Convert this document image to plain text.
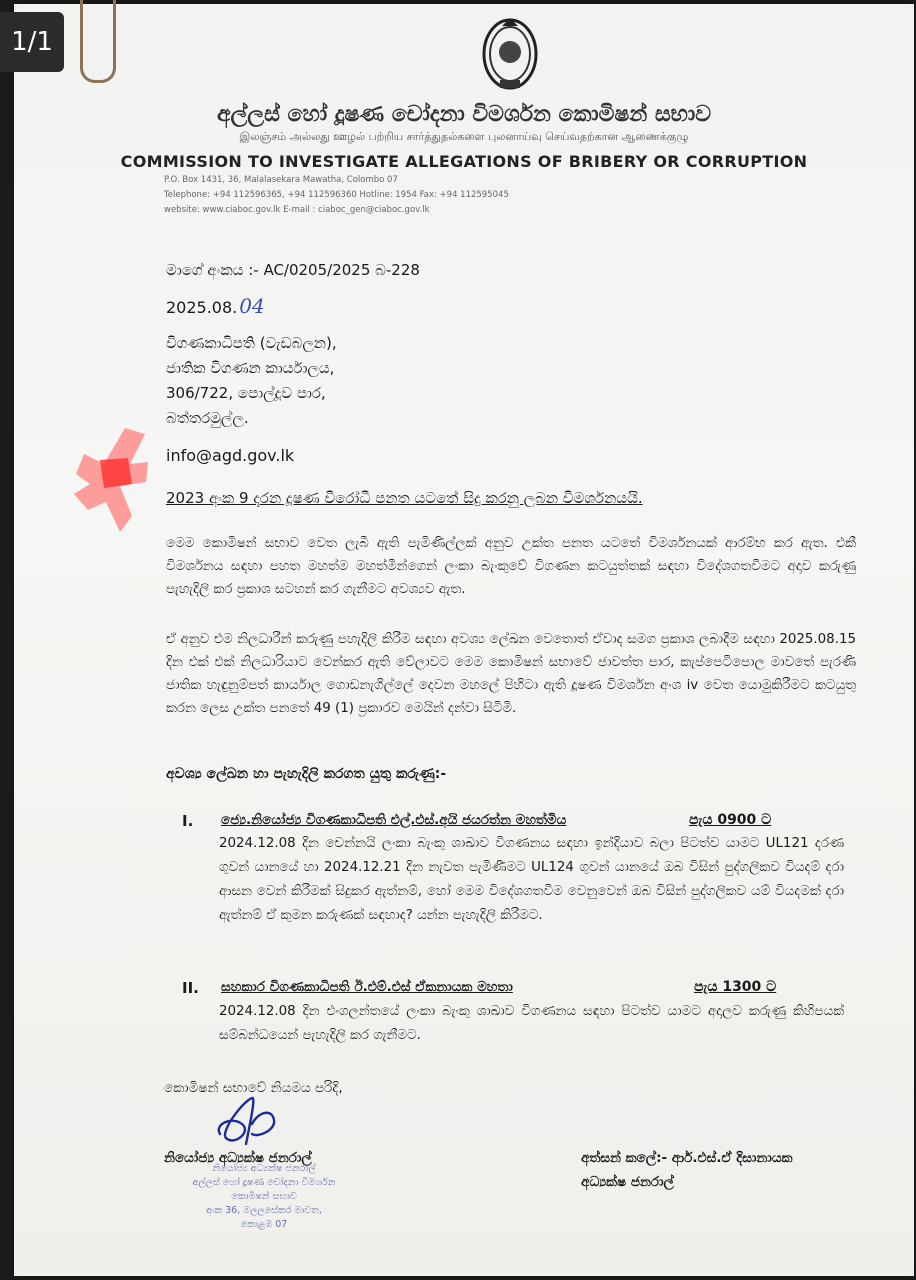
1/1
අල්ලස් හෝ දූෂණ චෝදනා විමර්ශන කොමිෂන් සභාව
இலஞ்சம் அல்லது ஊழல் பற்றிய சார்த்துதல்களை புலனாய்வு செய்வதற்கான ஆணைக்குழு
COMMISSION TO INVESTIGATE ALLEGATIONS OF BRIBERY OR CORRUPTION
P.O. Box 1431, 36, Malalasekara Mawatha, Colombo 07
Telephone: +94 112596365, +94 112596360 Hotline: 1954 Fax: +94 112595045
website: www.ciaboc.gov.lk E-mail : ciaboc_gen@ciaboc.gov.lk
මාගේ අංකය :- AC/0205/2025 බ-228
2025.08. 04
විගණකාධිපති (වැඩබලන),
ජාතික විගණන කාර්යාලය,
306/722, පොල්දූව පාර,
බත්තරමුල්ල.
info@agd.gov.lk
2023 අංක 9 දරන දූෂණ විරෝධී පනත යටතේ සිදු කරනු ලබන විමර්ශනයයි.
මෙම කොමිෂන් සභාව වෙත ලැබී ඇති පැමිණිල්ලක් අනුව උක්ත පනත යටතේ විමර්ශනයක් ආරම්භ කර ඇත. එකී විමර්ශනය සඳහා පහත මහත්ම මහත්මීන්ගෙන් ලංකා බැංකුවේ විගණන කටයුත්තක් සඳහා විදේශගතවීමට අදාව කරුණු පැහැදිලි කර ප්‍රකාශ සටහන් කර ගැනීමට අවශ්‍යව ඇත.
ඒ අනුව එම නිලධාරීන් කරුණු පහැදිලි කිරීම සඳහා අවශ්‍ය ලේඛන වෙතොත් ඒවාද සමග ප්‍රකාශ ලබාදීම සඳහා 2025.08.15 දින එක් එක් නිලධාරියාට වෙන්කර ඇති වේලාවට මෙම කොමිෂන් සභාවේ ජාවත්ත පාර, කැප්පෙටිපොල මාවතේ පැරණි ජාතික හැඳුනුම්පත් කාර්යාල ගොඩනැගිල්ලේ දෙවන මහලේ පිහිටා ඇති දූෂණ විමර්ශන අංශ iv වෙත යොමුකිරීමට කටයුතු කරන ලෙස උක්ත පනතේ 49 (1) ප්‍රකාරව මෙයින් දන්වා සිටිමි.
අවශ්‍ය ලේඛන හා පැහැදිලි කරගත යුතු කරුණු:-
I. ජ්‍යෙ.නියෝජ්‍ය විගණකාධිපති එල්.එස්.අයි ජයරත්න මහත්මිය	පැය 0900 ට
2024.12.08 දින චෙන්නයි ලංකා බැංකු ශාඛාව විගණනය සඳහා ඉන්දියාව බලා පිටත්ව යාමට UL121 දරණ ගුවන් යානයේ හා 2024.12.21 දින නැවත පැමිණීමට UL124 ගුවන් යානයේ ඔබ විසින් පුද්ගලිකව වියදම් දරා ආසන වෙන් කිරීමක් සිදුකර ඇත්නම්, හෝ මෙම විදේශගතවීම වෙනුවෙන් ඔබ විසින් පුද්ගලිකව යම් වියදමක් දරා ඇත්නම් ඒ කුමන කරුණක් සඳහාද? යන්න පැහැදිලි කිරීමට.
II. සහකාර විගණකාධිපති ඊ.එම්.එස් ඒකනායක මහතා	පැය 1300 ට
2024.12.08 දින එංගලන්තයේ ලංකා බැංකු ශාඛාව විගණනය සඳහා පිටත්ව යාමට අදාලව කරුණු කිහිපයක් සම්බන්ධයෙන් පැහැදිලි කර ගැනීමට.
කොමිෂන් සභාවේ නියමය පරිදි,
නියෝජ්‍ය අධ්‍යක්ෂ ජනරාල්
නියෝජ්‍ය අධ්‍යක්ෂ ජනරාල්
අල්ලස් හෝ දූෂණ චෝදනා විමර්ශන
කොමිෂන් සභාව
අංක 36, මලලසේකර මාවත,
කොළඹ 07
අත්සන් කලේ:- ආර්.එස්.ඒ දිසානායක
අධ්‍යක්ෂ ජනරාල්
